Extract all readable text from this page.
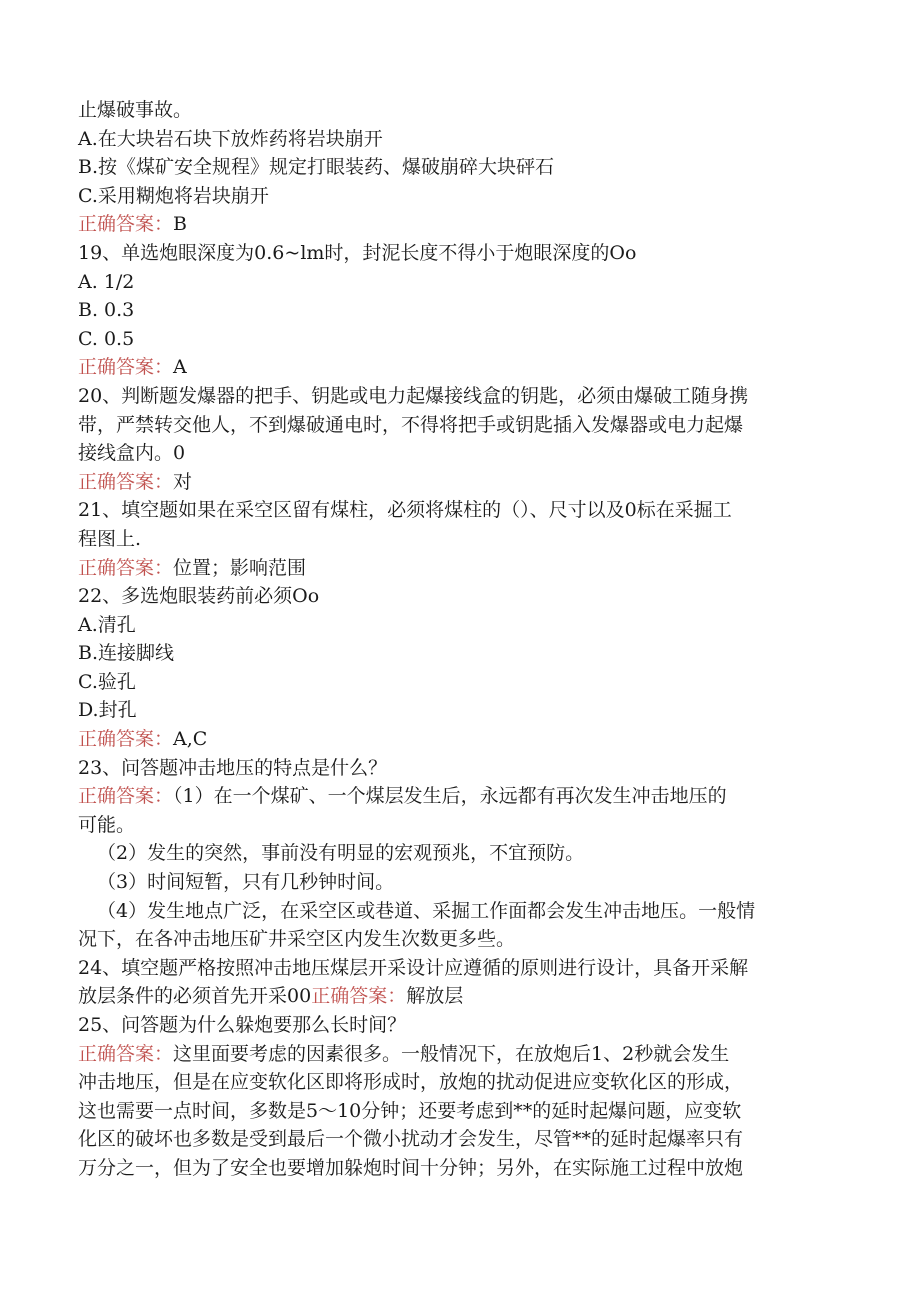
止爆破事故。
A.在大块岩石块下放炸药将岩块崩开
B.按《煤矿安全规程》规定打眼装药、爆破崩碎大块砰石
C.采用糊炮将岩块崩开
正确答案：B
19、单选炮眼深度为0.6~lm时，封泥长度不得小于炮眼深度的Oo
A. 1/2
B. 0.3
C. 0.5
正确答案：A
20、判断题发爆器的把手、钥匙或电力起爆接线盒的钥匙，必须由爆破工随身携
带，严禁转交他人，不到爆破通电时，不得将把手或钥匙插入发爆器或电力起爆
接线盒内。0
正确答案：对
21、填空题如果在采空区留有煤柱，必须将煤柱的（）、尺寸以及0标在采掘工
程图上.
正确答案：位置；影响范围
22、多选炮眼装药前必须Oo
A.清孔
B.连接脚线
C.验孔
D.封孔
正确答案：A,C
23、问答题冲击地压的特点是什么？
正确答案：（1）在一个煤矿、一个煤层发生后，永远都有再次发生冲击地压的
可能。
（2）发生的突然，事前没有明显的宏观预兆，不宜预防。
（3）时间短暂，只有几秒钟时间。
（4）发生地点广泛，在采空区或巷道、采掘工作面都会发生冲击地压。一般情
况下，在各冲击地压矿井采空区内发生次数更多些。
24、填空题严格按照冲击地压煤层开采设计应遵循的原则进行设计，具备开采解
放层条件的必须首先开采00正确答案：解放层
25、问答题为什么躲炮要那么长时间？
正确答案：这里面要考虑的因素很多。一般情况下，在放炮后1、2秒就会发生
冲击地压，但是在应变软化区即将形成时，放炮的扰动促进应变软化区的形成，
这也需要一点时间，多数是5～10分钟；还要考虑到**的延时起爆问题，应变软
化区的破坏也多数是受到最后一个微小扰动才会发生，尽管**的延时起爆率只有
万分之一，但为了安全也要增加躲炮时间十分钟；另外，在实际施工过程中放炮
